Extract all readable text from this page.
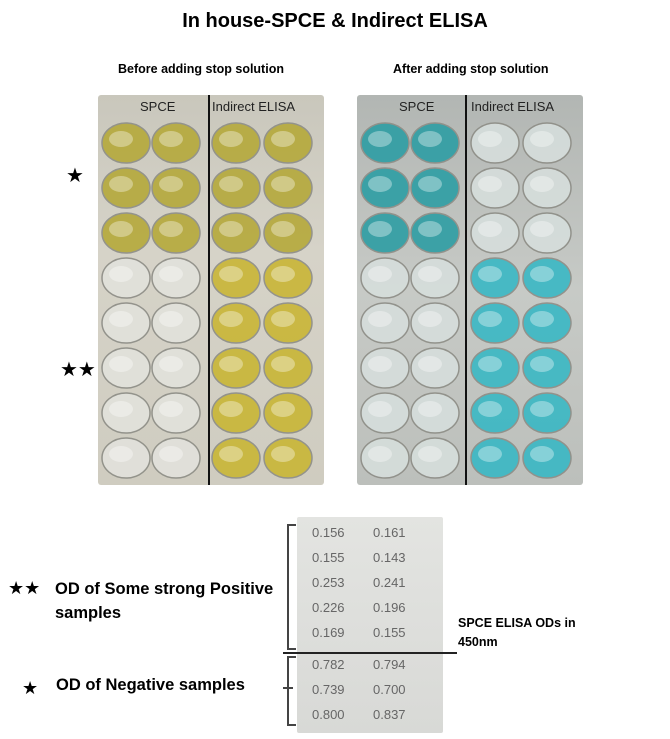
In house-SPCE & Indirect ELISA
Before adding stop solution	After adding stop solution
★
★★
SPCE	Indirect ELISA	SPCE	Indirect ELISA
0.156 0.161
0.155 0.143
0.253 0.241
0.226 0.196
0.169 0.155
0.782 0.794
0.739 0.700
0.800 0.837
★★ OD of Some strong Positive samples
★ OD of Negative samples
SPCE ELISA ODs in 450nm
